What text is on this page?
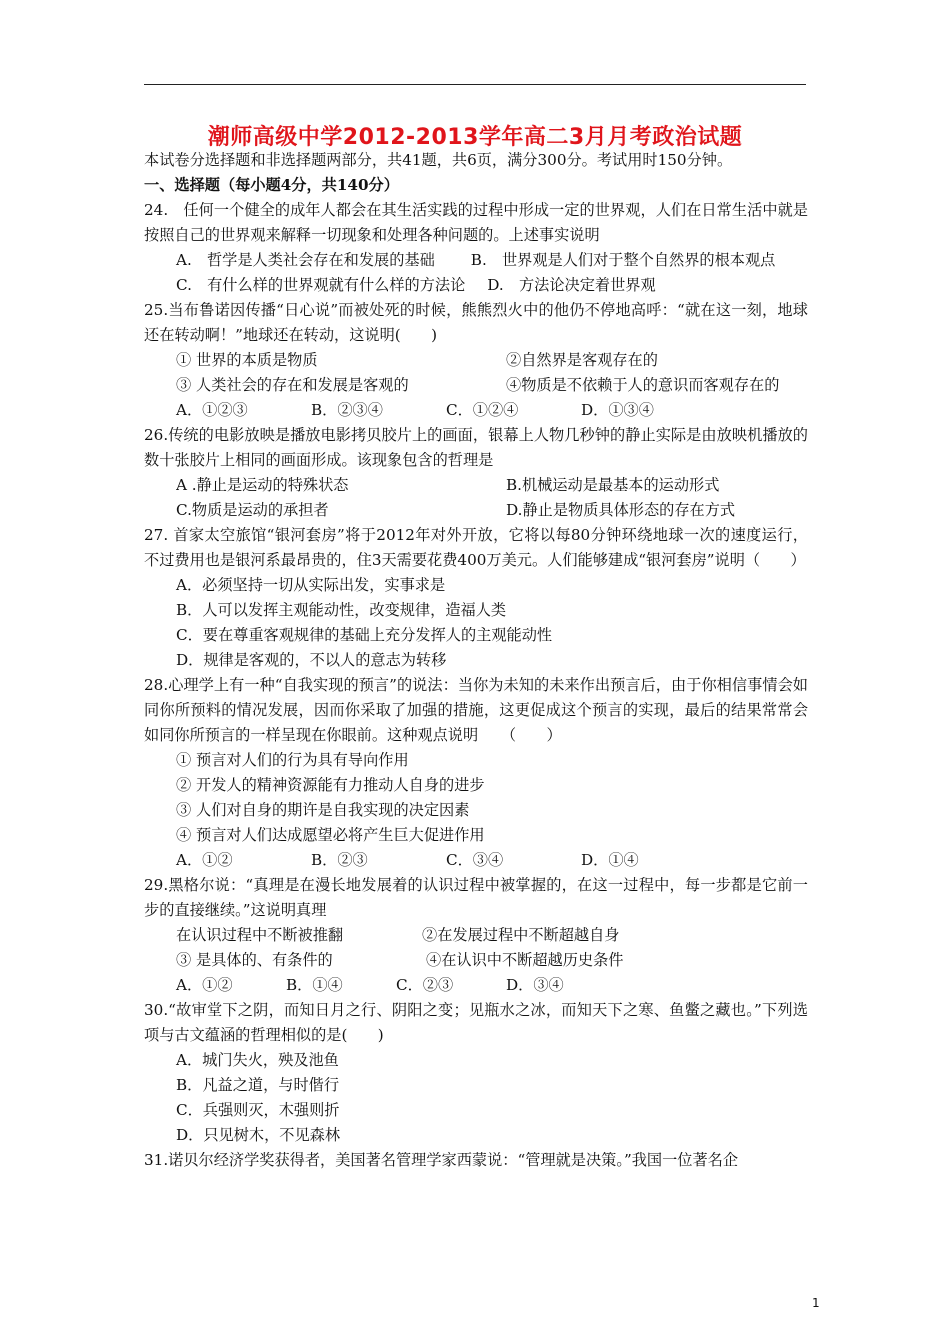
潮师高级中学2012-2013学年高二3月月考政治试题
本试卷分选择题和非选择题两部分，共41题，共6页，满分300分。考试用时150分钟。
一、选择题（每小题4分，共140分）
24.　任何一个健全的成年人都会在其生活实践的过程中形成一定的世界观，人们在日常生活中就是按照自己的世界观来解释一切现象和处理各种问题的。上述事实说明
A.　哲学是人类社会存在和发展的基础 B.　世界观是人们对于整个自然界的根本观点
C.　有什么样的世界观就有什么样的方法论 D.　方法论决定着世界观
25.当布鲁诺因传播“日心说”而被处死的时候，熊熊烈火中的他仍不停地高呼：“就在这一刻，地球还在转动啊！”地球还在转动，这说明(　　)
① 世界的本质是物质	②自然界是客观存在的
③ 人类社会的存在和发展是客观的	④物质是不依赖于人的意识而客观存在的
A．①②③	B．②③④	C．①②④	D．①③④
26.传统的电影放映是播放电影拷贝胶片上的画面，银幕上人物几秒钟的静止实际是由放映机播放的数十张胶片上相同的画面形成。该现象包含的哲理是
A .静止是运动的特殊状态	B.机械运动是最基本的运动形式
C.物质是运动的承担者	D.静止是物质具体形态的存在方式
27. 首家太空旅馆“银河套房”将于2012年对外开放，它将以每80分钟环绕地球一次的速度运行，不过费用也是银河系最昂贵的，住3天需要花费400万美元。人们能够建成“银河套房”说明（　　）
A．必须坚持一切从实际出发，实事求是
B．人可以发挥主观能动性，改变规律，造福人类
C．要在尊重客观规律的基础上充分发挥人的主观能动性
D．规律是客观的，不以人的意志为转移
28.心理学上有一种“自我实现的预言”的说法：当你为未知的未来作出预言后，由于你相信事情会如同你所预料的情况发展，因而你采取了加强的措施，这更促成这个预言的实现，最后的结果常常会如同你所预言的一样呈现在你眼前。这种观点说明　　（　　）
① 预言对人们的行为具有导向作用
② 开发人的精神资源能有力推动人自身的进步
③ 人们对自身的期许是自我实现的决定因素
④ 预言对人们达成愿望必将产生巨大促进作用
A．①②	B．②③	C．③④	D．①④
29.黑格尔说：“真理是在漫长地发展着的认识过程中被掌握的，在这一过程中，每一步都是它前一步的直接继续。”这说明真理
在认识过程中不断被推翻	②在发展过程中不断超越自身
③ 是具体的、有条件的	④在认识中不断超越历史条件
A．①②	B．①④	C．②③	D．③④
30.“故审堂下之阴，而知日月之行、阴阳之变；见瓶水之冰，而知天下之寒、鱼鳖之藏也。”下列选项与古文蕴涵的哲理相似的是(　　)
A．城门失火，殃及池鱼
B．凡益之道，与时偕行
C．兵强则灭，木强则折
D．只见树木，不见森林
31.诺贝尔经济学奖获得者，美国著名管理学家西蒙说：“管理就是决策。”我国一位著名企
1
